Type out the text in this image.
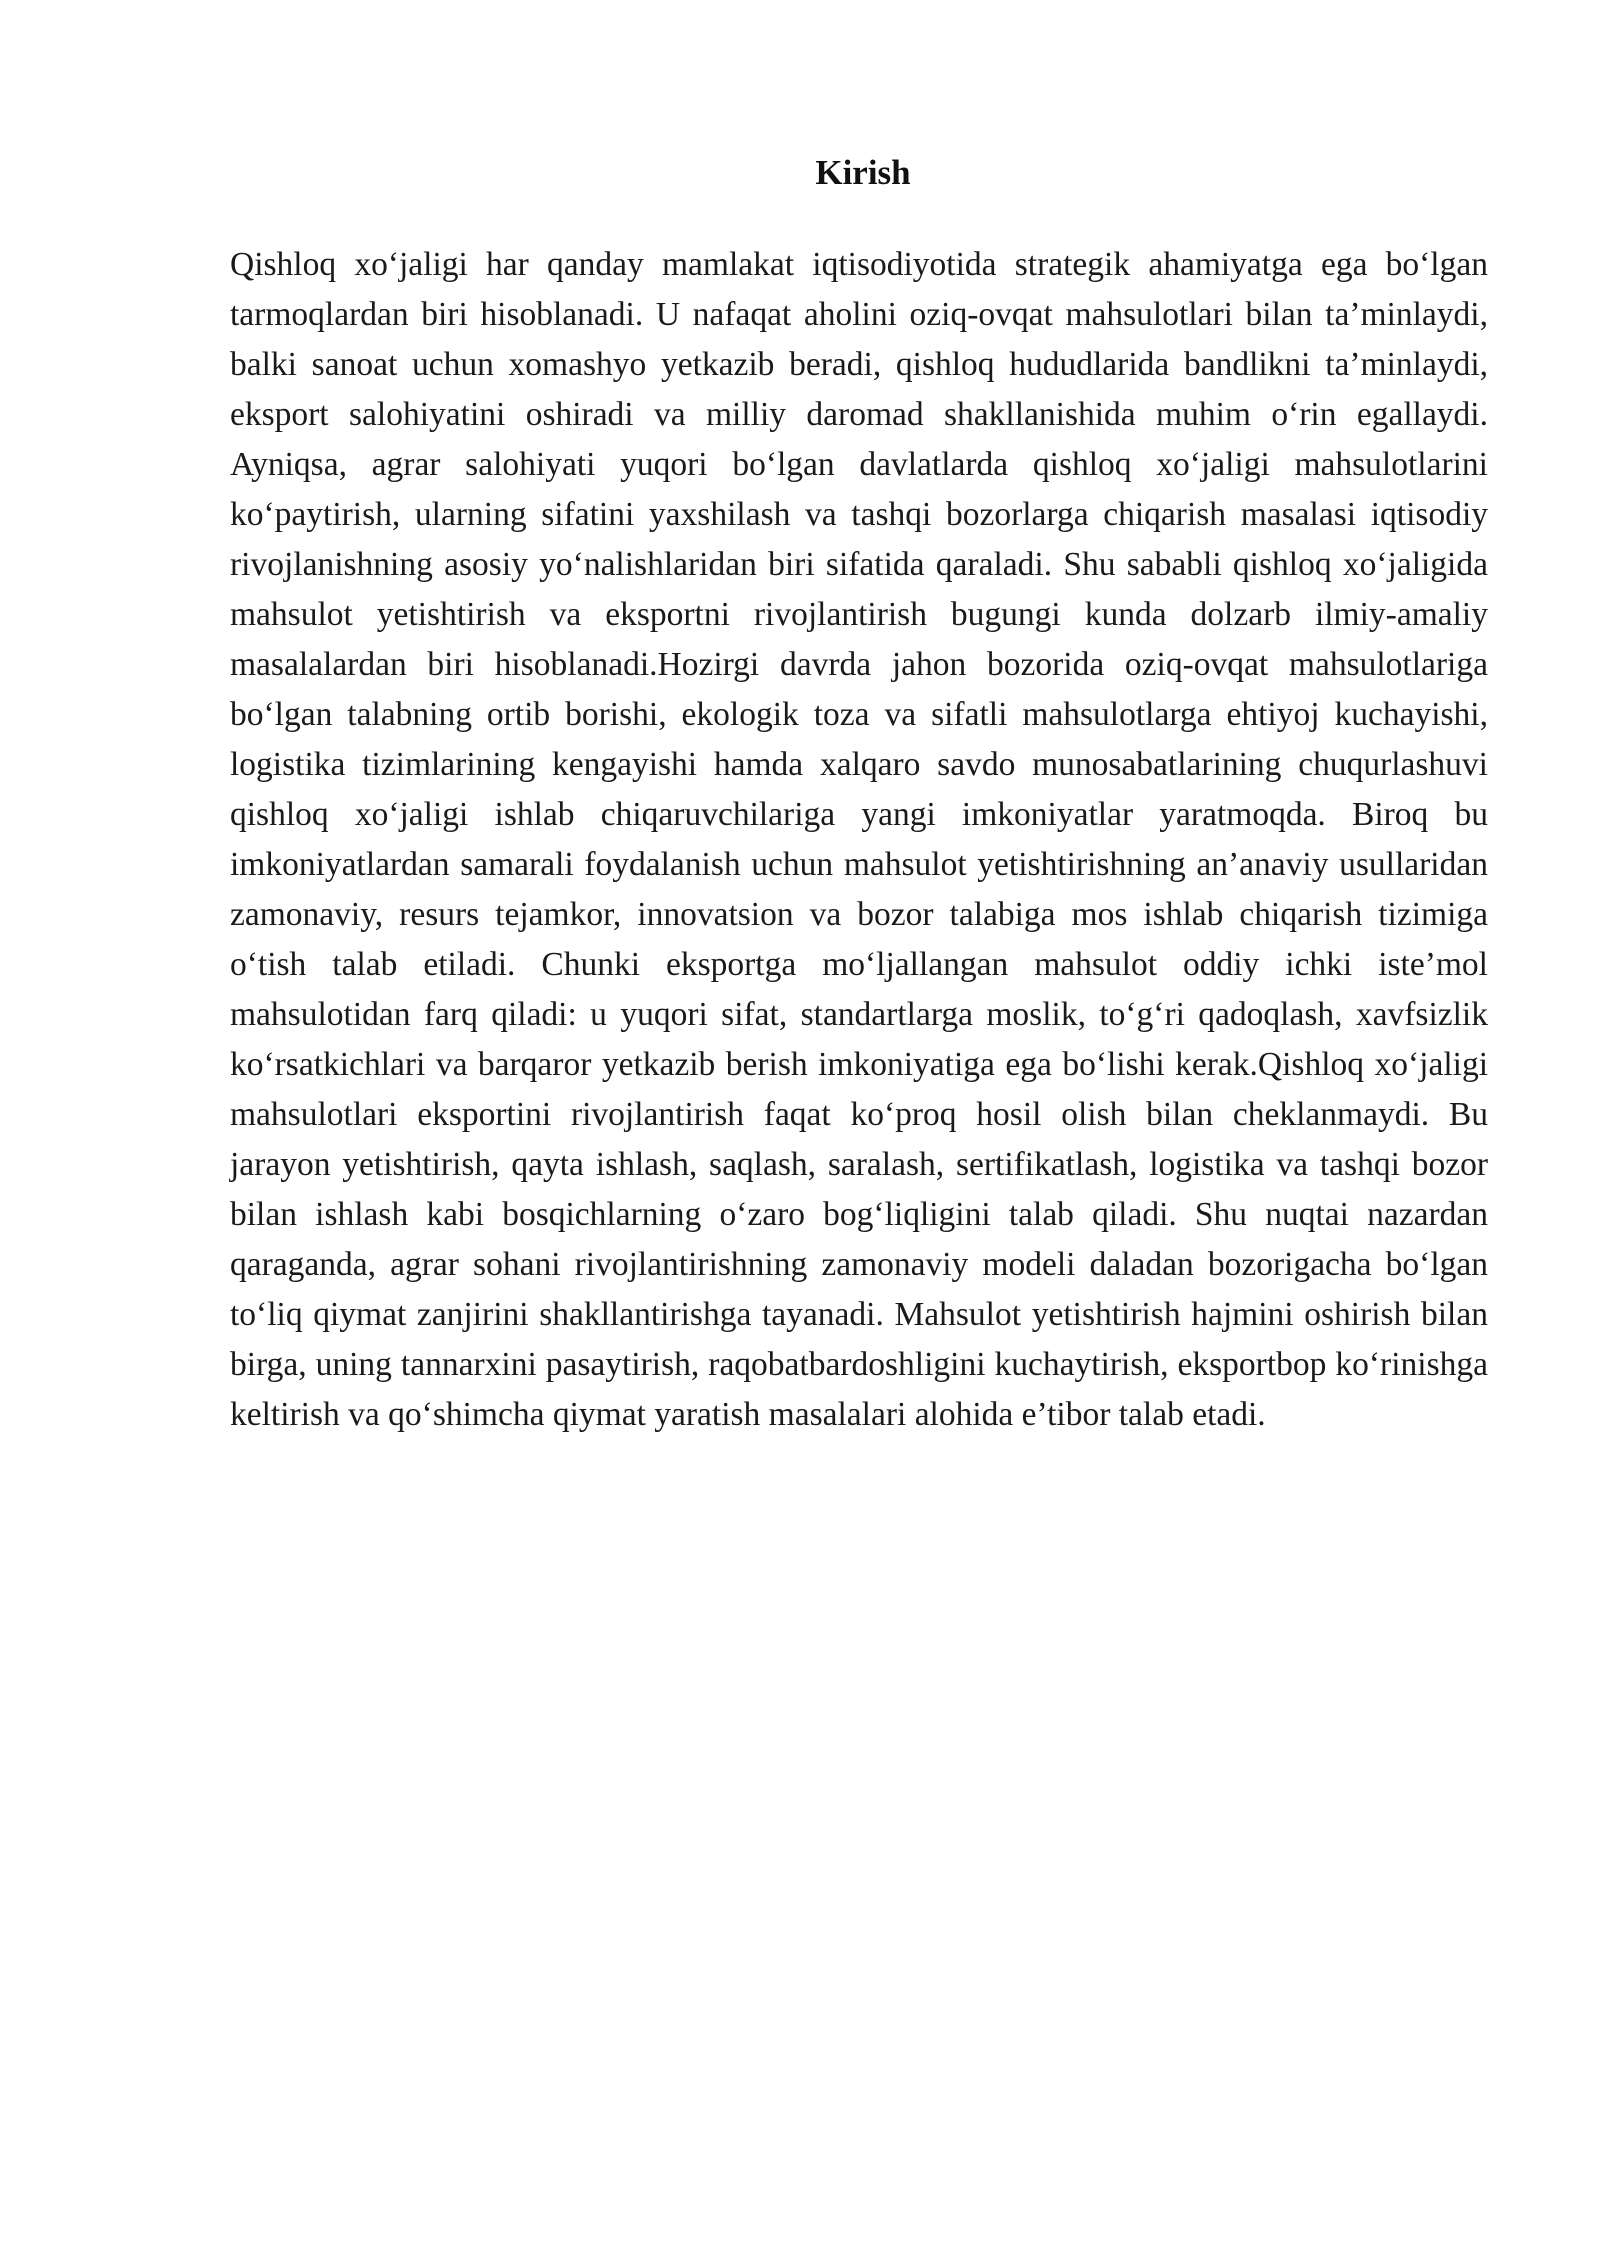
Kirish

Qishloq xo‘jaligi har qanday mamlakat iqtisodiyotida strategik ahamiyatga ega bo‘lgan tarmoqlardan biri hisoblanadi. U nafaqat aholini oziq-ovqat mahsulotlari bilan ta’minlaydi, balki sanoat uchun xomashyo yetkazib beradi, qishloq hududlarida bandlikni ta’minlaydi, eksport salohiyatini oshiradi va milliy daromad shakllanishida muhim o‘rin egallaydi. Ayniqsa, agrar salohiyati yuqori bo‘lgan davlatlarda qishloq xo‘jaligi mahsulotlarini ko‘paytirish, ularning sifatini yaxshilash va tashqi bozorlarga chiqarish masalasi iqtisodiy rivojlanishning asosiy yo‘nalishlaridan biri sifatida qaraladi. Shu sababli qishloq xo‘jaligida mahsulot yetishtirish va eksportni rivojlantirish bugungi kunda dolzarb ilmiy-amaliy masalalardan biri hisoblanadi.Hozirgi davrda jahon bozorida oziq-ovqat mahsulotlariga bo‘lgan talabning ortib borishi, ekologik toza va sifatli mahsulotlarga ehtiyoj kuchayishi, logistika tizimlarining kengayishi hamda xalqaro savdo munosabatlarining chuqurlashuvi qishloq xo‘jaligi ishlab chiqaruvchilariga yangi imkoniyatlar yaratmoqda. Biroq bu imkoniyatlardan samarali foydalanish uchun mahsulot yetishtirishning an’anaviy usullaridan zamonaviy, resurs tejamkor, innovatsion va bozor talabiga mos ishlab chiqarish tizimiga o‘tish talab etiladi. Chunki eksportga mo‘ljallangan mahsulot oddiy ichki iste’mol mahsulotidan farq qiladi: u yuqori sifat, standartlarga moslik, to‘g‘ri qadoqlash, xavfsizlik ko‘rsatkichlari va barqaror yetkazib berish imkoniyatiga ega bo‘lishi kerak.Qishloq xo‘jaligi mahsulotlari eksportini rivojlantirish faqat ko‘proq hosil olish bilan cheklanmaydi. Bu jarayon yetishtirish, qayta ishlash, saqlash, saralash, sertifikatlash, logistika va tashqi bozor bilan ishlash kabi bosqichlarning o‘zaro bog‘liqligini talab qiladi. Shu nuqtai nazardan qaraganda, agrar sohani rivojlantirishning zamonaviy modeli daladan bozorigacha bo‘lgan to‘liq qiymat zanjirini shakllantirishga tayanadi. Mahsulot yetishtirish hajmini oshirish bilan birga, uning tannarxini pasaytirish, raqobatbardoshligini kuchaytirish, eksportbop ko‘rinishga keltirish va qo‘shimcha qiymat yaratish masalalari alohida e’tibor talab etadi.
